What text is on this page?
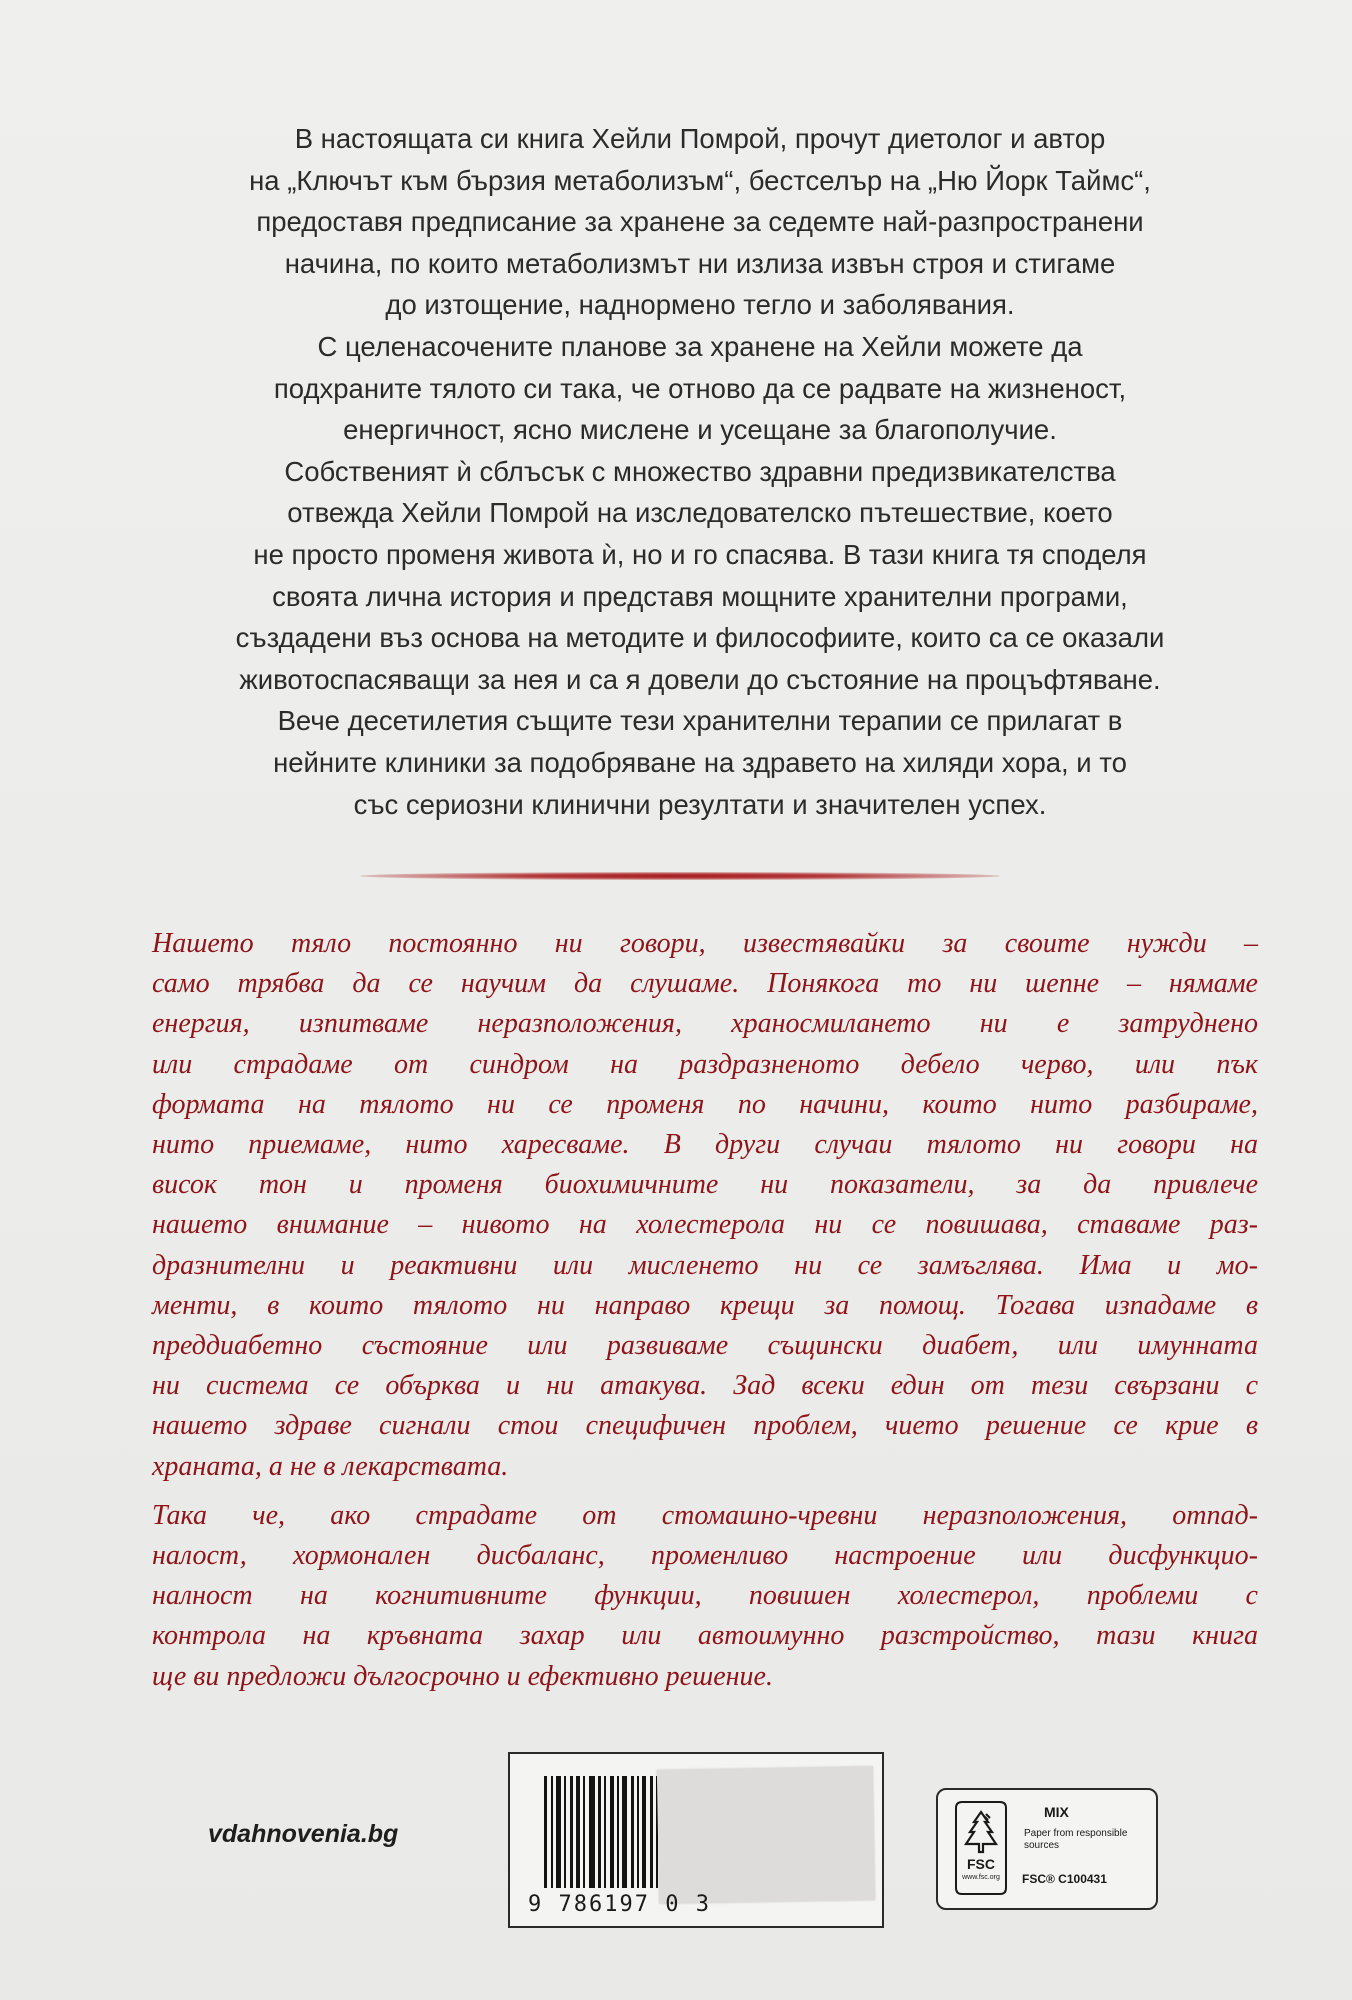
В настоящата си книга Хейли Помрой, прочут диетолог и автор
на „Ключът към бързия метаболизъм“, бестселър на „Ню Йорк Таймс“,
предоставя предписание за хранене за седемте най-разпространени
начина, по които метаболизмът ни излиза извън строя и стигаме
до изтощение, наднормено тегло и заболявания.
С целенасочените планове за хранене на Хейли можете да
подхраните тялото си така, че отново да се радвате на жизненост,
енергичност, ясно мислене и усещане за благополучие.
Собственият ѝ сблъсък с множество здравни предизвикателства
отвежда Хейли Помрой на изследователско пътешествие, което
не просто променя живота ѝ, но и го спасява. В тази книга тя споделя
своята лична история и представя мощните хранителни програми,
създадени въз основа на методите и философиите, които са се оказали
животоспасяващи за нея и са я довели до състояние на процъфтяване.
Вече десетилетия същите тези хранителни терапии се прилагат в
нейните клиники за подобряване на здравето на хиляди хора, и то
със сериозни клинични резултати и значителен успех.

Нашето тяло постоянно ни говори, известявайки за своите нужди –
само трябва да се научим да слушаме. Понякога то ни шепне – нямаме
енергия, изпитваме неразположения, храносмилането ни е затруднено
или страдаме от синдром на раздразненото дебело черво, или пък
формата на тялото ни се променя по начини, които нито разбираме,
нито приемаме, нито харесваме. В други случаи тялото ни говори на
висок тон и променя биохимичните ни показатели, за да привлече
нашето внимание – нивото на холестерола ни се повишава, ставаме раз-
дразнителни и реактивни или мисленето ни се замъглява. Има и мо-
менти, в които тялото ни направо крещи за помощ. Тогава изпадаме в
преддиабетно състояние или развиваме същински диабет, или имунната
ни система се обърква и ни атакува. Зад всеки един от тези свързани с
нашето здраве сигнали стои специфичен проблем, чието решение се крие в
храната, а не в лекарствата.

Така че, ако страдате от стомашно-чревни неразположения, отпад-
налост, хормонален дисбаланс, променливо настроение или дисфункцио-
налност на когнитивните функции, повишен холестерол, проблеми с
контрола на кръвната захар или автоимунно разстройство, тази книга
ще ви предложи дългосрочно и ефективно решение.

vdahnovenia.bg
9 786197 0 3
FSC
www.fsc.org
MIX
Paper from responsible sources
FSC® C100431
